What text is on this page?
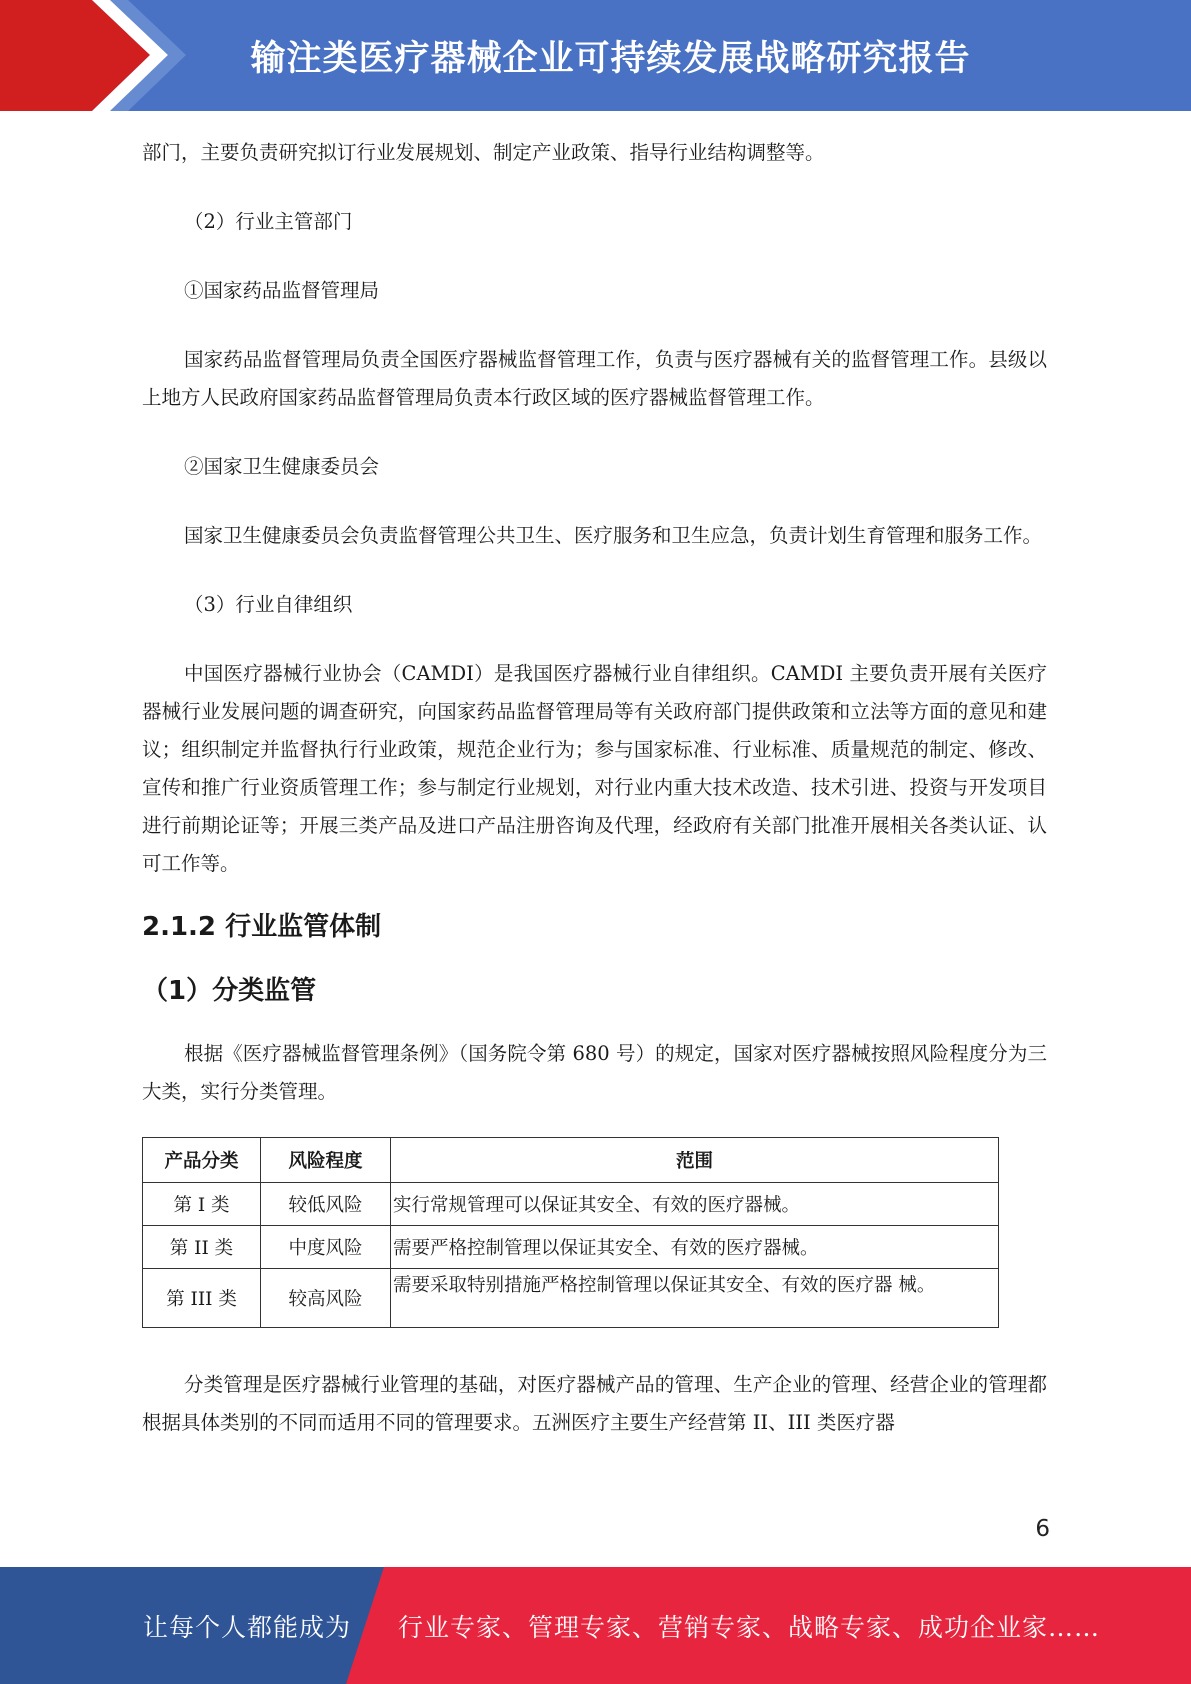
输注类医疗器械企业可持续发展战略研究报告

部门，主要负责研究拟订行业发展规划、制定产业政策、指导行业结构调整等。

（2）行业主管部门

①国家药品监督管理局

国家药品监督管理局负责全国医疗器械监督管理工作，负责与医疗器械有关的监督管理工作。县级以上地方人民政府国家药品监督管理局负责本行政区域的医疗器械监督管理工作。

②国家卫生健康委员会

国家卫生健康委员会负责监督管理公共卫生、医疗服务和卫生应急，负责计划生育管理和服务工作。

（3）行业自律组织

中国医疗器械行业协会（CAMDI）是我国医疗器械行业自律组织。CAMDI 主要负责开展有关医疗器械行业发展问题的调查研究，向国家药品监督管理局等有关政府部门提供政策和立法等方面的意见和建议；组织制定并监督执行行业政策，规范企业行为；参与国家标准、行业标准、质量规范的制定、修改、宣传和推广行业资质管理工作；参与制定行业规划，对行业内重大技术改造、技术引进、投资与开发项目进行前期论证等；开展三类产品及进口产品注册咨询及代理，经政府有关部门批准开展相关各类认证、认可工作等。

2.1.2 行业监管体制

（1）分类监管

根据《医疗器械监督管理条例》（国务院令第 680 号）的规定，国家对医疗器械按照风险程度分为三大类，实行分类管理。

产品分类	风险程度	范围
第 I 类	较低风险	实行常规管理可以保证其安全、有效的医疗器械。
第 II 类	中度风险	需要严格控制管理以保证其安全、有效的医疗器械。
第 III 类	较高风险	需要采取特别措施严格控制管理以保证其安全、有效的医疗器 械。

分类管理是医疗器械行业管理的基础，对医疗器械产品的管理、生产企业的管理、经营企业的管理都根据具体类别的不同而适用不同的管理要求。五洲医疗主要生产经营第 II、III 类医疗器

6
让每个人都能成为 行业专家、管理专家、营销专家、战略专家、成功企业家……
